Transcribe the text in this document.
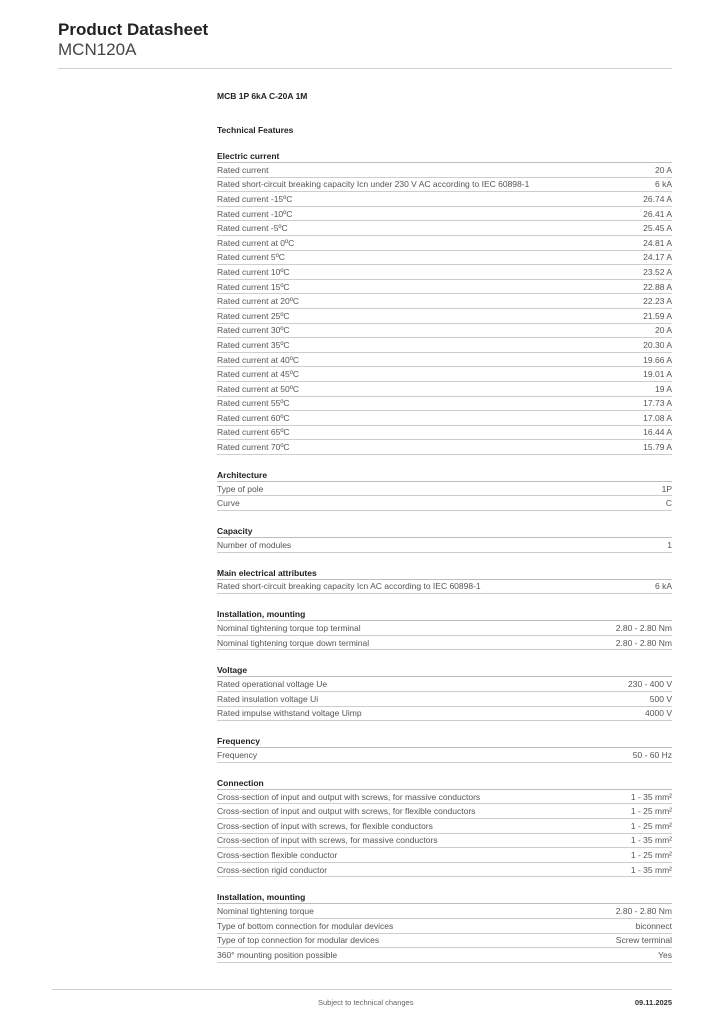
Product Datasheet
MCN120A
MCB 1P 6kA C-20A 1M
Technical Features
Electric current
Rated current	20 A
Rated short-circuit breaking capacity Icn under 230 V AC according to IEC 60898-1	6 kA
Rated current -15ºC	26.74 A
Rated current -10ºC	26.41 A
Rated current -5ºC	25.45 A
Rated current at 0ºC	24.81 A
Rated current 5ºC	24.17 A
Rated current 10ºC	23.52 A
Rated current 15ºC	22.88 A
Rated current at 20ºC	22.23 A
Rated current 25ºC	21.59 A
Rated current 30ºC	20 A
Rated current 35ºC	20.30 A
Rated current at 40ºC	19.66 A
Rated current at 45ºC	19.01 A
Rated current at 50ºC	19 A
Rated current 55ºC	17.73 A
Rated current 60ºC	17.08 A
Rated current 65ºC	16.44 A
Rated current 70ºC	15.79 A
Architecture
Type of pole	1P
Curve	C
Capacity
Number of modules	1
Main electrical attributes
Rated short-circuit breaking capacity Icn AC according to IEC 60898-1	6 kA
Installation, mounting
Nominal tightening torque top terminal	2.80 - 2.80 Nm
Nominal tightening torque down terminal	2.80 - 2.80 Nm
Voltage
Rated operational voltage Ue	230 - 400 V
Rated insulation voltage Ui	500 V
Rated impulse withstand voltage Uimp	4000 V
Frequency
Frequency	50 - 60 Hz
Connection
Cross-section of input and output with screws, for massive conductors	1 - 35 mm²
Cross-section of input and output with screws, for flexible conductors	1 - 25 mm²
Cross-section of input with screws, for flexible conductors	1 - 25 mm²
Cross-section of input with screws, for massive conductors	1 - 35 mm²
Cross-section flexible conductor	1 - 25 mm²
Cross-section rigid conductor	1 - 35 mm²
Installation, mounting
Nominal tightening torque	2.80 - 2.80 Nm
Type of bottom connection for modular devices	biconnect
Type of top connection for modular devices	Screw terminal
360° mounting position possible	Yes
Subject to technical changes	09.11.2025
